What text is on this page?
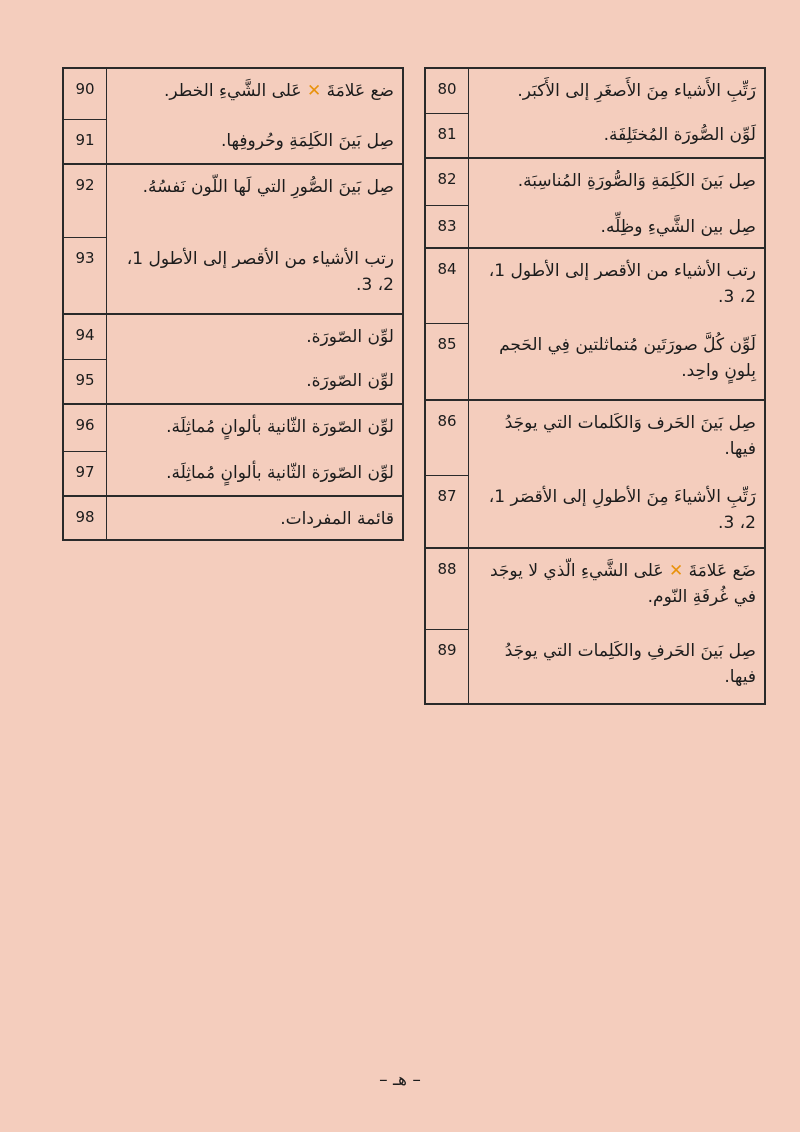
90	ضع عَلامَةَ ✕ عَلى الشَّيءِ الخطر.
91	صِل بَينَ الكَلِمَةِ وحُروفِها.
92	صِل بَينَ الصُّورِ التي لَها اللّون نَفسُهُ.
93	رتب الأشياء من الأقصر إلى الأطول 1، 2، 3.
94	لوِّن الصّورَة.
95	لوِّن الصّورَة.
96	لوِّن الصّورَة الثّانية بألوانٍ مُماثِلَة.
97	لوِّن الصّورَة الثّانية بألوانٍ مُماثِلَة.
98	قائمة المفردات.
80	رَتِّبِ الأَشياء مِنَ الأَصغَرِ إلى الأَكبَر.
81	لَوِّن الصُّورَة المُختَلِفَة.
82	صِل بَينَ الكَلِمَةِ وَالصُّورَةِ المُناسِبَة.
83	صِل بين الشَّيءِ وظِلِّه.
84	رتب الأشياء من الأقصر إلى الأطول 1، 2، 3.
85	لَوِّن كُلَّ صورَتَين مُتماثلتين فِي الحَجم بِلونٍ واحِد.
86	صِل بَينَ الحَرف وَالكَلمات التي يوجَدُ فيها.
87	رَتِّبِ الأشياءَ مِنَ الأطولِ إلى الأقصَر 1، 2، 3.
88	ضَع عَلامَةَ ✕ عَلى الشَّيءِ الّذي لا يوجَد في غُرفَةِ النّوم.
89	صِل بَينَ الحَرفِ والكَلِمات التي يوجَدُ فيها.
– هـ –
